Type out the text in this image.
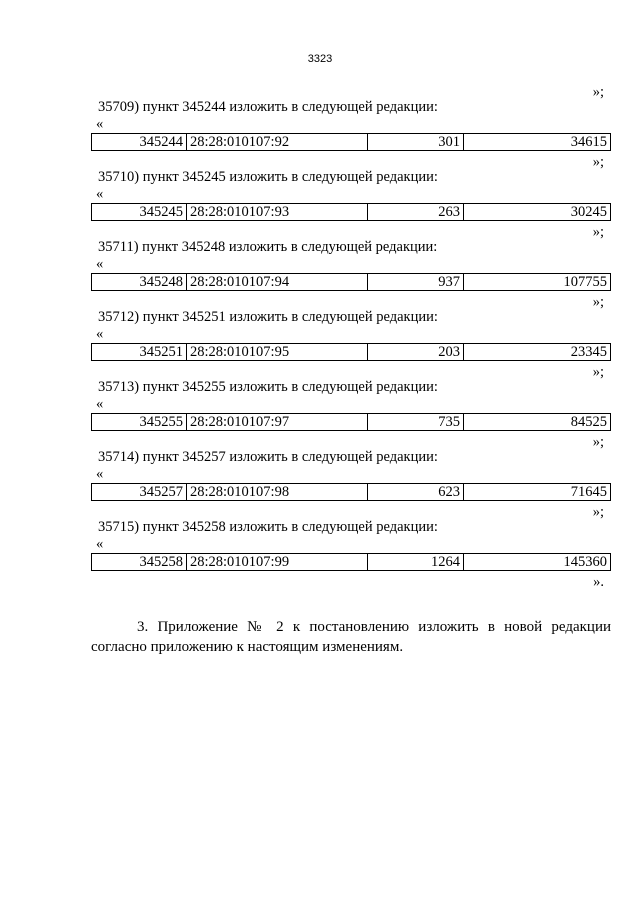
3323
»;
35709) пункт 345244 изложить в следующей редакции:
«
345244	28:28:010107:92	301	34615
»;
35710) пункт 345245 изложить в следующей редакции:
«
345245	28:28:010107:93	263	30245
»;
35711) пункт 345248 изложить в следующей редакции:
«
345248	28:28:010107:94	937	107755
»;
35712) пункт 345251 изложить в следующей редакции:
«
345251	28:28:010107:95	203	23345
»;
35713) пункт 345255 изложить в следующей редакции:
«
345255	28:28:010107:97	735	84525
»;
35714) пункт 345257 изложить в следующей редакции:
«
345257	28:28:010107:98	623	71645
»;
35715) пункт 345258 изложить в следующей редакции:
«
345258	28:28:010107:99	1264	145360
».
3. Приложение № 2 к постановлению изложить в новой редакции
согласно приложению к настоящим изменениям.
